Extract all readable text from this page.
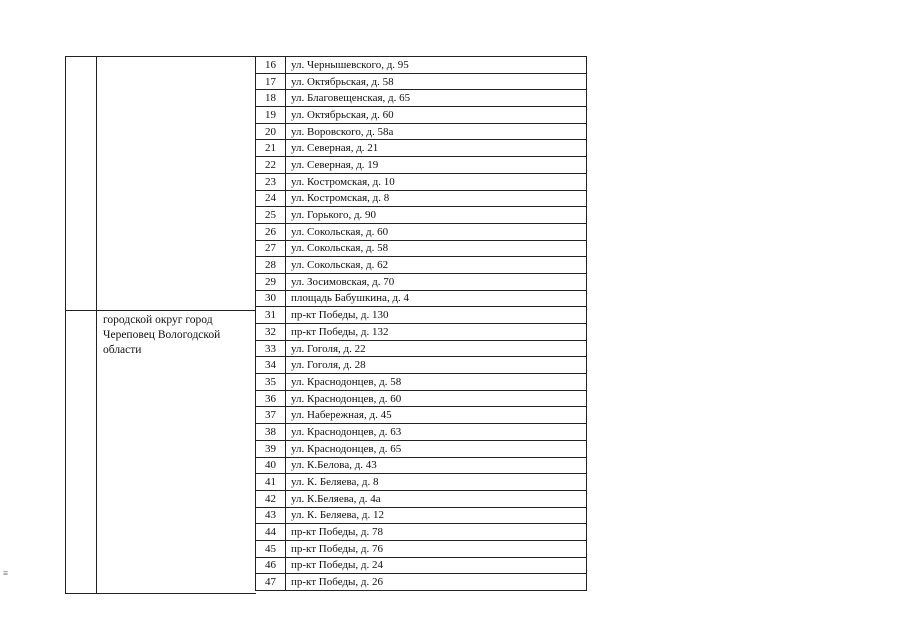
городской округ город
Череповец Вологодской
области
16	ул. Чернышевского, д. 95
17	ул. Октябрьская, д. 58
18	ул. Благовещенская, д. 65
19	ул. Октябрьская, д. 60
20	ул. Воровского, д. 58а
21	ул. Северная, д. 21
22	ул. Северная, д. 19
23	ул. Костромская, д. 10
24	ул. Костромская, д. 8
25	ул. Горького, д. 90
26	ул. Сокольская, д. 60
27	ул. Сокольская, д. 58
28	ул. Сокольская, д. 62
29	ул. Зосимовская, д. 70
30	площадь Бабушкина, д. 4
31	пр-кт Победы, д. 130
32	пр-кт Победы, д. 132
33	ул. Гоголя, д. 22
34	ул. Гоголя, д. 28
35	ул. Краснодонцев, д. 58
36	ул. Краснодонцев, д. 60
37	ул. Набережная, д. 45
38	ул. Краснодонцев, д. 63
39	ул. Краснодонцев, д. 65
40	ул. К.Белова, д. 43
41	ул. К. Беляева, д. 8
42	ул. К.Беляева, д. 4а
43	ул. К. Беляева, д. 12
44	пр-кт Победы, д. 78
45	пр-кт Победы, д. 76
46	пр-кт Победы, д. 24
47	пр-кт Победы, д. 26
≡
